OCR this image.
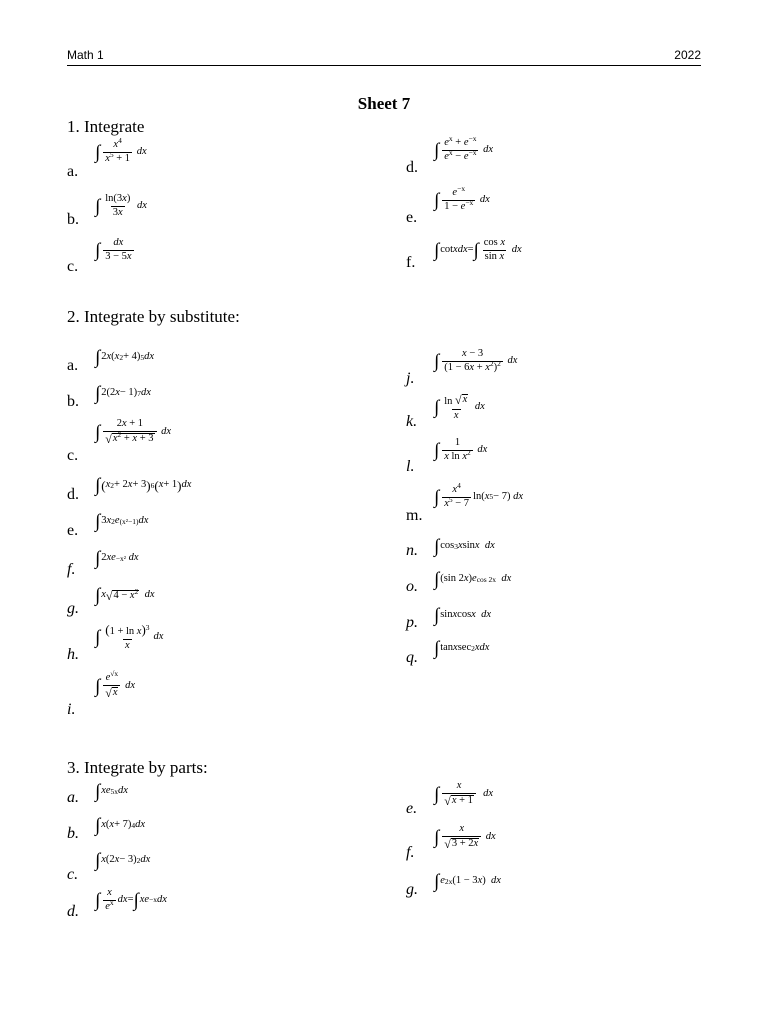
Math 1	2022
Sheet 7
1. Integrate
a.
∫ $x^4$
$x^5 + 1$

dx
b.
∫ ln(3x)
3x

dx
c.
∫ dx
3 − 5x
d.
∫ $e^x + e^{-x}$
$e^x - e^{-x}$
dx
e.
∫ $e^{-x}$
$1 - e^{-x}$
dx
f.
∫ cot xdx = ∫ cos x
sin x

dx
2. Integrate by substitute:
a. ∫ 2 x ( x 2 + 4) 5 dx
b. ∫ 2(2 x − 1) 7 dx
c.
∫ 2x + 1
√ $x^2 + x + 3$

dx
d. ∫ ( x 2 + 2 x + 3 ) 6 ( x + 1 ) dx
e. ∫ 3 x 2 e (x²−1) dx
f.
∫ 2 xe −x²
dx
g.
∫ x √ $4 - x^2$
dx
h.
∫ $(1 + \ln x)^3$
x
dx
i.
∫ $e^{√x}$
√ x

dx
j.
∫ x − 3
$(1 - 6x + x^2)^2$
dx
k.
∫ ln √ x
x

dx
l.
∫ 1
x $\ln x^2$
dx
m.
∫ $x^4$
$x^5 - 7$
ln( x 5 − 7) dx
n. ∫ cos 3 x sin x
dx
o. ∫ (sin 2 x ) e cos 2x
dx
p. ∫ sin x cos x
dx
q. ∫ tan x sec 2 xdx
3. Integrate by parts:
a. ∫ xe 5x dx
b. ∫ x ( x + 7) 4 dx
c.
∫ x (2 x − 3) 2 dx
d.
∫ x
$e^x$ dx = ∫ xe −x dx
e.
∫ x
√ x + 1

dx
f.
∫ x
√ 3 + 2x

dx
g. ∫ e 2x (1 − 3 x ) dx
